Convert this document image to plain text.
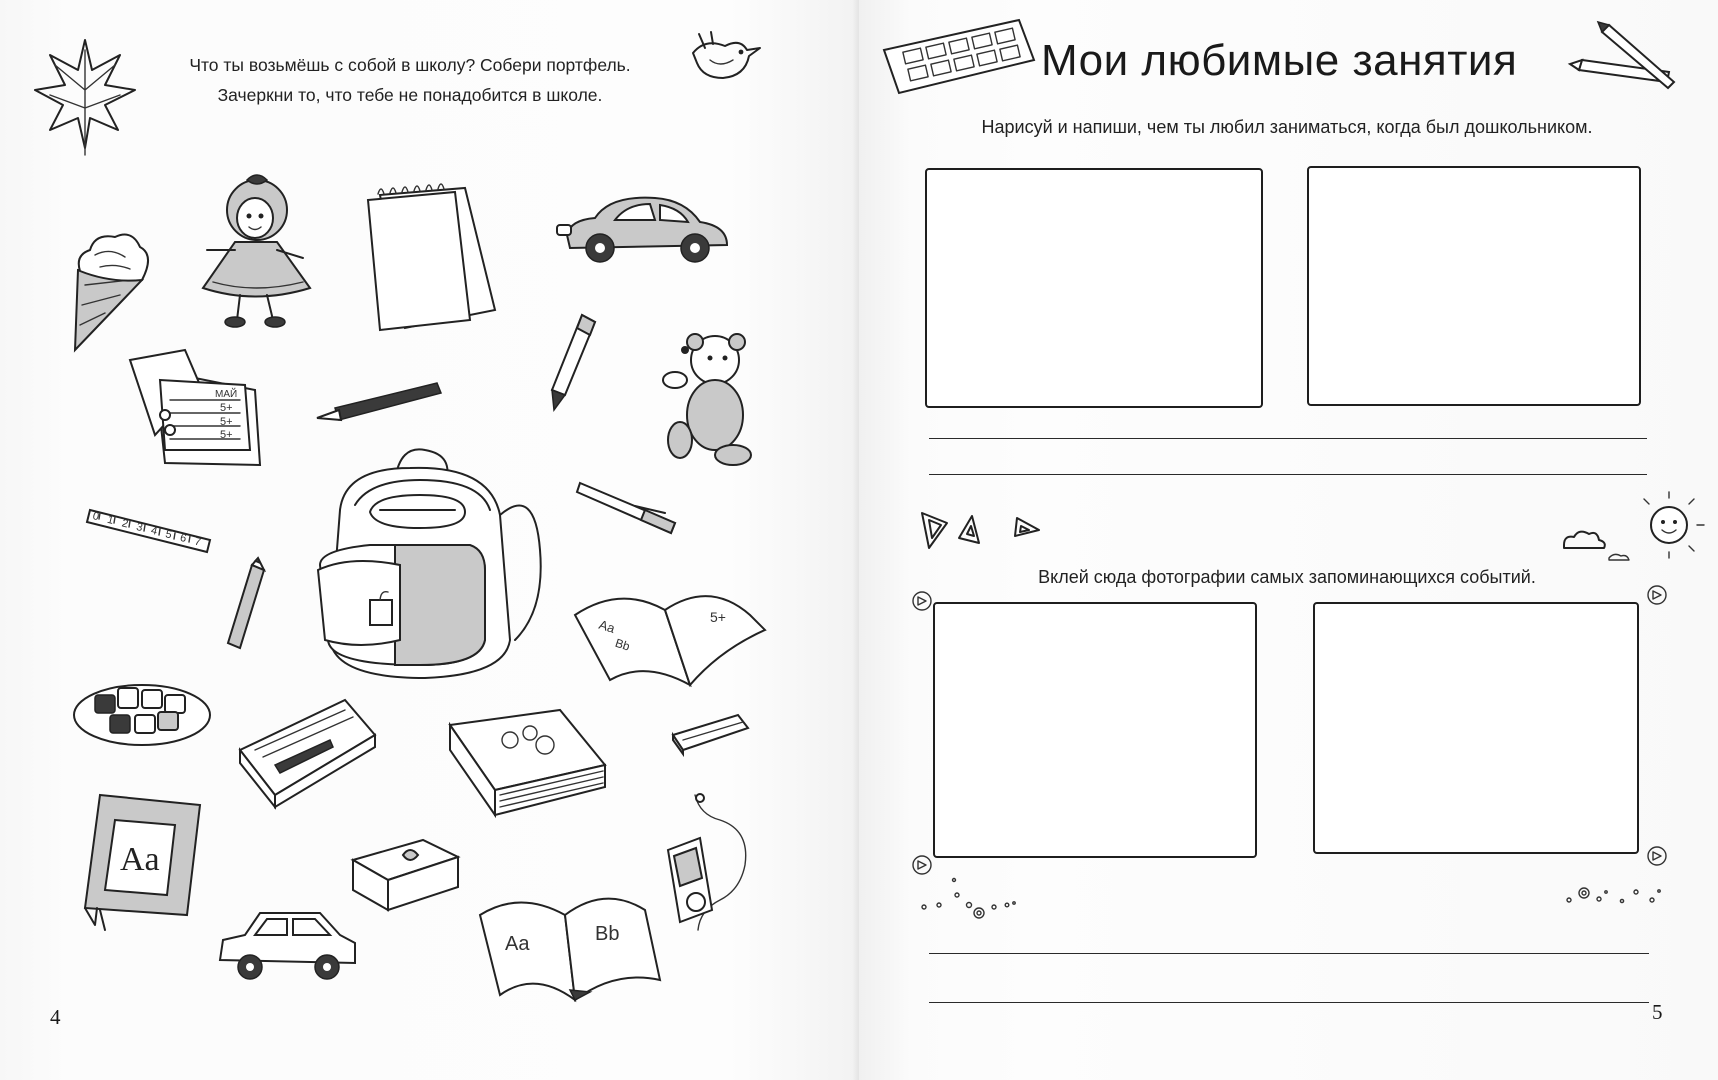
Что ты возьмёшь с собой в школу? Собери портфель.
Зачеркни то, что тебе не понадобится в школе.
МАЙ
5+
5+
5+
0 1 2 3 4 5 6 7
Aa
Bb
5+
Aa
Aa	Bb
4
Мои любимые занятия
Нарисуй и напиши, чем ты любил заниматься, когда был дошкольником.
Вклей сюда фотографии самых запоминающихся событий.
5
